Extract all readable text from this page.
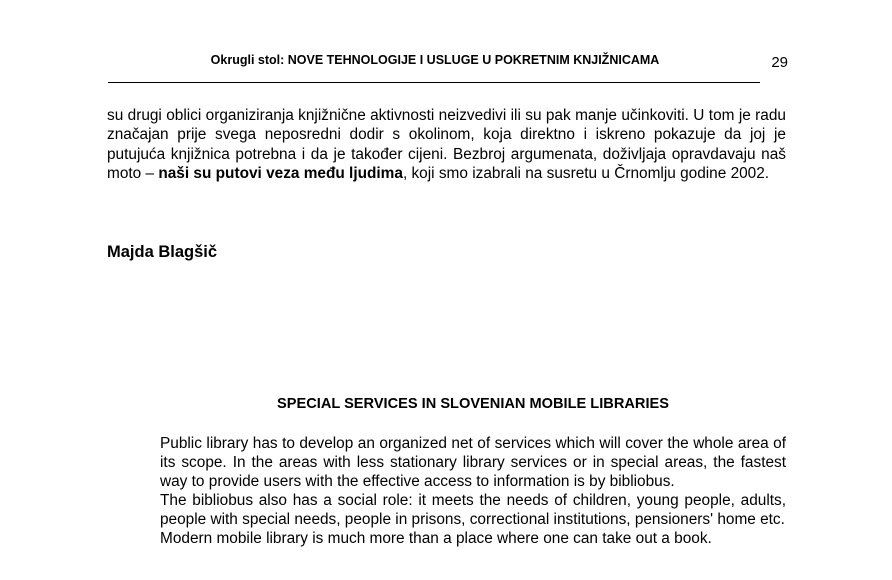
Okrugli stol: NOVE TEHNOLOGIJE I USLUGE U POKRETNIM KNJIŽNICAMA	29

su drugi oblici organiziranja knjižnične aktivnosti neizvedivi ili su pak manje učinkoviti. U tom je radu značajan prije svega neposredni dodir s okolinom, koja direktno i iskreno pokazuje da joj je putujuća knjižnica potrebna i da je također cijeni. Bezbroj argumenata, doživljaja opravdavaju naš moto – naši su putovi veza među ljudima, koji smo izabrali na susretu u Črnomlju godine 2002.

Majda Blagšič

SPECIAL SERVICES IN SLOVENIAN MOBILE LIBRARIES

Public library has to develop an organized net of services which will cover the whole area of its scope. In the areas with less stationary library services or in special areas, the fastest way to provide users with the effective access to information is by bibliobus.

The bibliobus also has a social role: it meets the needs of children, young people, adults, people with special needs, people in prisons, correctional institutions, pensioners' home etc.

Modern mobile library is much more than a place where one can take out a book.
